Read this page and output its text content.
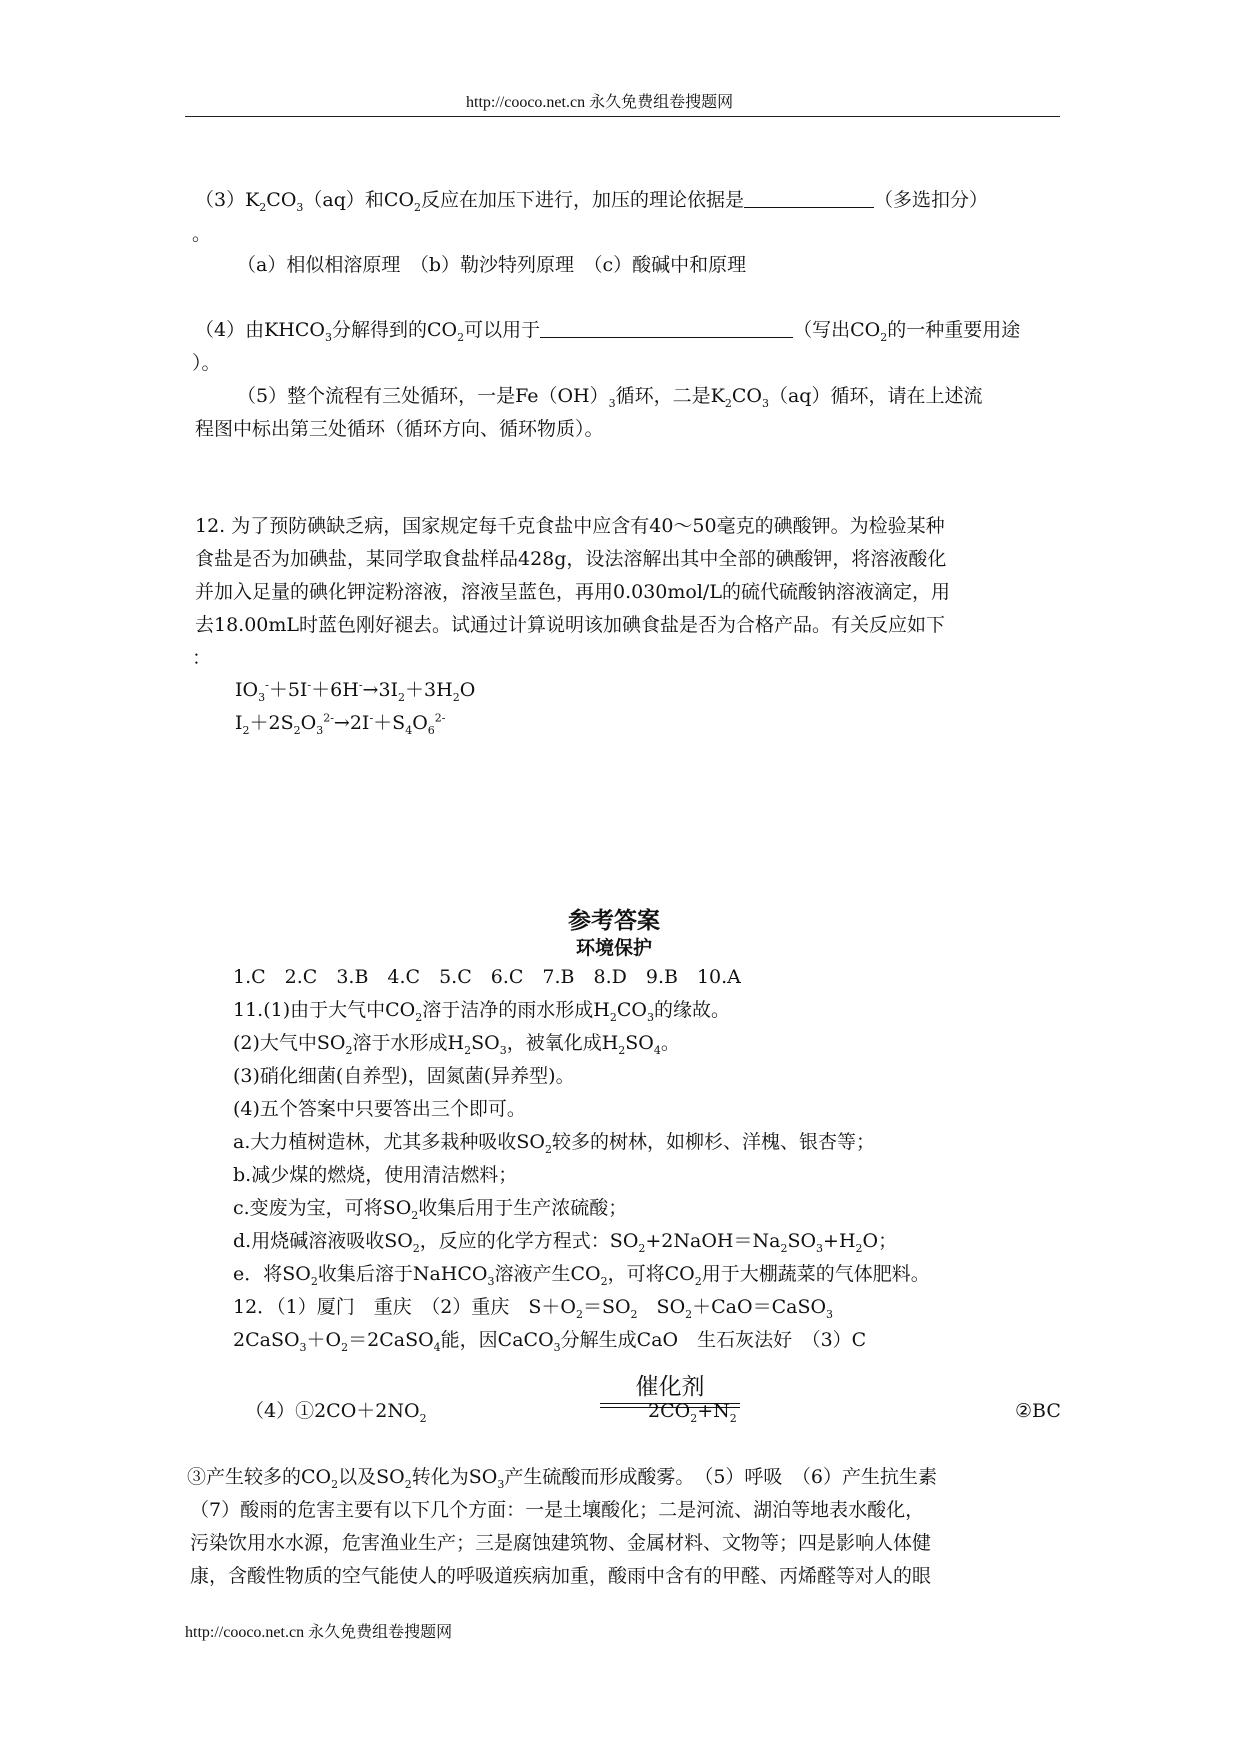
http://cooco.net.cn 永久免费组卷搜题网
$(3)K_2CO_3(aq)$和$CO_2$反应在加压下进行，加压的理论依据是	（多选扣分）
。
（a）相似相溶原理　（b）勒沙特列原理　（c）酸碱中和原理
（4）由$KHCO_3$分解得到的$CO_2$可以用于	（写出$CO_2$的一种重要用途
）。
（5）整个流程有三处循环，一是$Fe(OH)_3$循环，二是$K_2CO_3(aq)$循环，请在上述流
程图中标出第三处循环（循环方向、循环物质）。
12. 为了预防碘缺乏病，国家规定每千克食盐中应含有40～50毫克的碘酸钾。为检验某种
食盐是否为加碘盐，某同学取食盐样品428g，设法溶解出其中全部的碘酸钾，将溶液酸化
并加入足量的碘化钾淀粉溶液，溶液呈蓝色，再用0.030mol/L的硫代硫酸钠溶液滴定，用
去18.00mL时蓝色刚好褪去。试通过计算说明该加碘食盐是否为合格产品。有关反应如下
：
$IO_3^-+5I^-+6H^-\to 3I_2+3H_2O$
$I_2+2S_2O_3^{2-}\to 2I^-+S_4O_6^{2-}$
参考答案
环境保护
1.C　2.C　3.B　4.C　5.C　6.C　7.B　8.D　9.B　10.A
11.(1)由于大气中$CO_2$溶于洁净的雨水形成$H_2CO_3$的缘故。
(2)大气中$SO_2$溶于水形成$H_2SO_3$，被氧化成$H_2SO_4$。
(3)硝化细菌(自养型)，固氮菌(异养型)。
(4)五个答案中只要答出三个即可。
a.大力植树造林，尤其多栽种吸收$SO_2$较多的树林，如柳杉、洋槐、银杏等；
b.减少煤的燃烧，使用清洁燃料；
c.变废为宝，可将$SO_2$收集后用于生产浓硫酸；
d.用烧碱溶液吸收$SO_2$，反应的化学方程式：$SO_2+2NaOH=Na_2SO_3+H_2O$；
e．将$SO_2$收集后溶于NaHCO$_3$溶液产生$CO_2$，可将$CO_2$用于大棚蔬菜的气体肥料。
12．（1）厦门　重庆　（2）重庆　$S+O_2=SO_2$　$SO_2+CaO=CaSO_3$
$2CaSO_3+O_2=2CaSO_4$能，因CaCO$_3$分解生成CaO　生石灰法好　（3）C
$(4)①2CO+2NO_2$
催化剂
$2CO_2+N_2$	②BC
③产生较多的$CO_2$以及$SO_2$转化为$SO_3$产生硫酸而形成酸雾。　（5）呼吸　（6）产生抗生素
（7）酸雨的危害主要有以下几个方面：一是土壤酸化；二是河流、湖泊等地表水酸化，
污染饮用水水源，危害渔业生产；三是腐蚀建筑物、金属材料、文物等；四是影响人体健
康，含酸性物质的空气能使人的呼吸道疾病加重，酸雨中含有的甲醛、丙烯醛等对人的眼
http://cooco.net.cn 永久免费组卷搜题网
